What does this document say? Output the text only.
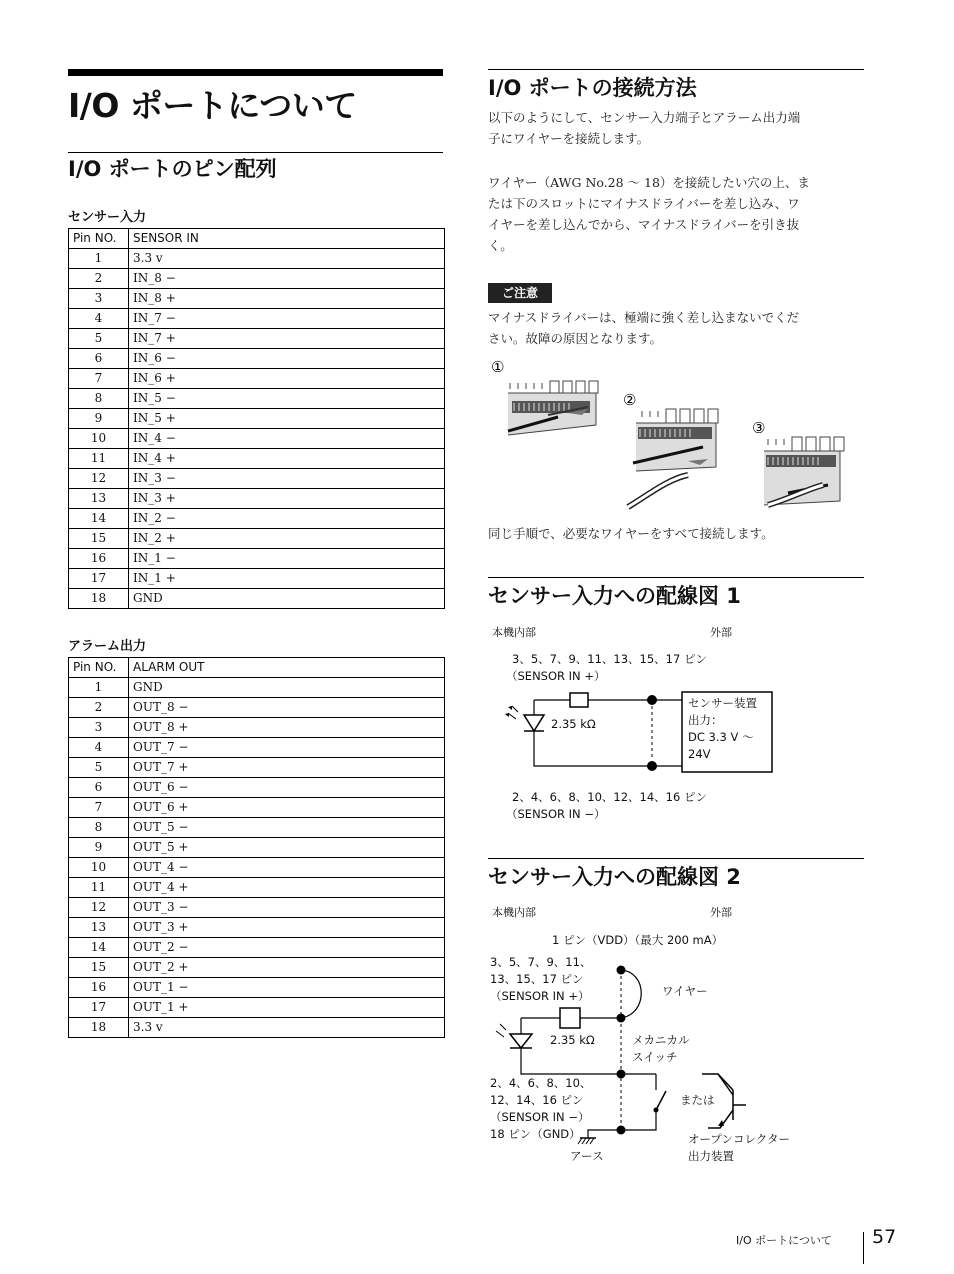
I/O ポートについて
I/O ポートのピン配列
センサー入力
Pin NO.	SENSOR IN
1	3.3 v
2	IN_8 −
3	IN_8 +
4	IN_7 −
5	IN_7 +
6	IN_6 −
7	IN_6 +
8	IN_5 −
9	IN_5 +
10	IN_4 −
11	IN_4 +
12	IN_3 −
13	IN_3 +
14	IN_2 −
15	IN_2 +
16	IN_1 −
17	IN_1 +
18	GND
アラーム出力
Pin NO.	ALARM OUT
1	GND
2	OUT_8 −
3	OUT_8 +
4	OUT_7 −
5	OUT_7 +
6	OUT_6 −
7	OUT_6 +
8	OUT_5 −
9	OUT_5 +
10	OUT_4 −
11	OUT_4 +
12	OUT_3 −
13	OUT_3 +
14	OUT_2 −
15	OUT_2 +
16	OUT_1 −
17	OUT_1 +
18	3.3 v
I/O ポートの接続方法
以下のようにして、センサー入力端子とアラーム出力端
子にワイヤーを接続します。
ワイヤー（AWG No.28 ～ 18）を接続したい穴の上、ま
たは下のスロットにマイナスドライバーを差し込み、ワ
イヤーを差し込んでから、マイナスドライバーを引き抜
く。
ご注意
マイナスドライバーは、極端に強く差し込まないでくだ
さい。故障の原因となります。
①
②
③
同じ手順で、必要なワイヤーをすべて接続します。
センサー入力への配線図 1
本機内部	外部
3、5、7、9、11、13、15、17 ピン
（SENSOR IN +）
2.35 kΩ
センサー装置
出力：
DC 3.3 V ～
24V
2、4、6、8、10、12、14、16 ピン
（SENSOR IN −）
センサー入力への配線図 2
本機内部	外部
1 ピン（VDD）（最大 200 mA）
3、5、7、9、11、
13、15、17 ピン
（SENSOR IN +）	ワイヤー
2.35 kΩ	メカニカル
スイッチ
2、4、6、8、10、
12、14、16 ピン
（SENSOR IN −）
18 ピン（GND）
または
アース
オープンコレクター
出力装置
I/O ポートについて 57
